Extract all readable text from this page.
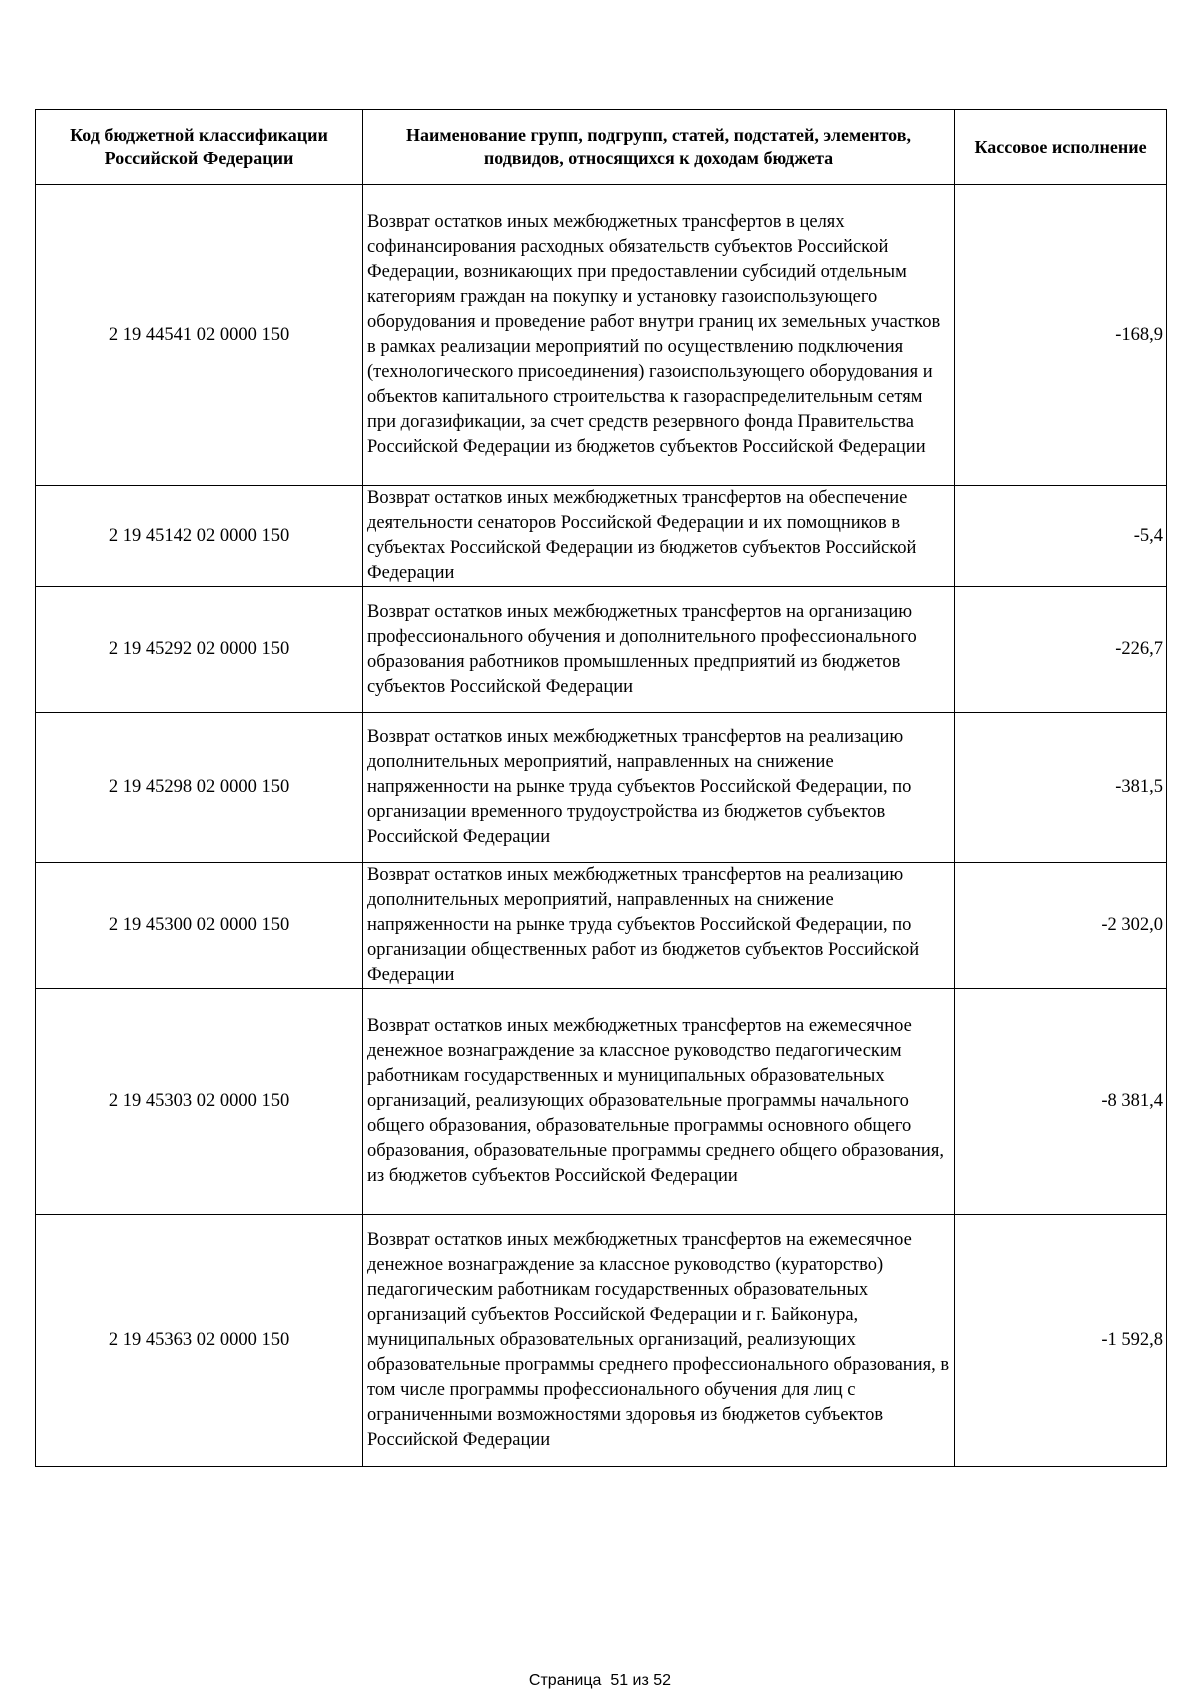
Код бюджетной классификации Российской Федерации	Наименование групп, подгрупп, статей, подстатей, элементов, подвидов, относящихся к доходам бюджета	Кассовое исполнение
2 19 44541 02 0000 150	Возврат остатков иных межбюджетных трансфертов в целях софинансирования расходных обязательств субъектов Российской Федерации, возникающих при предоставлении субсидий отдельным категориям граждан на покупку и установку газоиспользующего оборудования и проведение работ внутри границ их земельных участков в рамках реализации мероприятий по осуществлению подключения (технологического присоединения) газоиспользующего оборудования и объектов капитального строительства к газораспределительным сетям при догазификации, за счет средств резервного фонда Правительства Российской Федерации из бюджетов субъектов Российской Федерации	-168,9
2 19 45142 02 0000 150	Возврат остатков иных межбюджетных трансфертов на обеспечение деятельности сенаторов Российской Федерации и их помощников в субъектах Российской Федерации из бюджетов субъектов Российской Федерации	-5,4
2 19 45292 02 0000 150	Возврат остатков иных межбюджетных трансфертов на организацию профессионального обучения и дополнительного профессионального образования работников промышленных предприятий из бюджетов субъектов Российской Федерации	-226,7
2 19 45298 02 0000 150	Возврат остатков иных межбюджетных трансфертов на реализацию дополнительных мероприятий, направленных на снижение напряженности на рынке труда субъектов Российской Федерации, по организации временного трудоустройства из бюджетов субъектов Российской Федерации	-381,5
2 19 45300 02 0000 150	Возврат остатков иных межбюджетных трансфертов на реализацию дополнительных мероприятий, направленных на снижение напряженности на рынке труда субъектов Российской Федерации, по организации общественных работ из бюджетов субъектов Российской Федерации	-2 302,0
2 19 45303 02 0000 150	Возврат остатков иных межбюджетных трансфертов на ежемесячное денежное вознаграждение за классное руководство педагогическим работникам государственных и муниципальных образовательных организаций, реализующих образовательные программы начального общего образования, образовательные программы основного общего образования, образовательные программы среднего общего образования, из бюджетов субъектов Российской Федерации	-8 381,4
2 19 45363 02 0000 150	Возврат остатков иных межбюджетных трансфертов на ежемесячное денежное вознаграждение за классное руководство (кураторство) педагогическим работникам государственных образовательных организаций субъектов Российской Федерации и г. Байконура, муниципальных образовательных организаций, реализующих образовательные программы среднего профессионального образования, в том числе программы профессионального обучения для лиц с ограниченными возможностями здоровья из бюджетов субъектов Российской Федерации	-1 592,8
Страница  51 из 52
